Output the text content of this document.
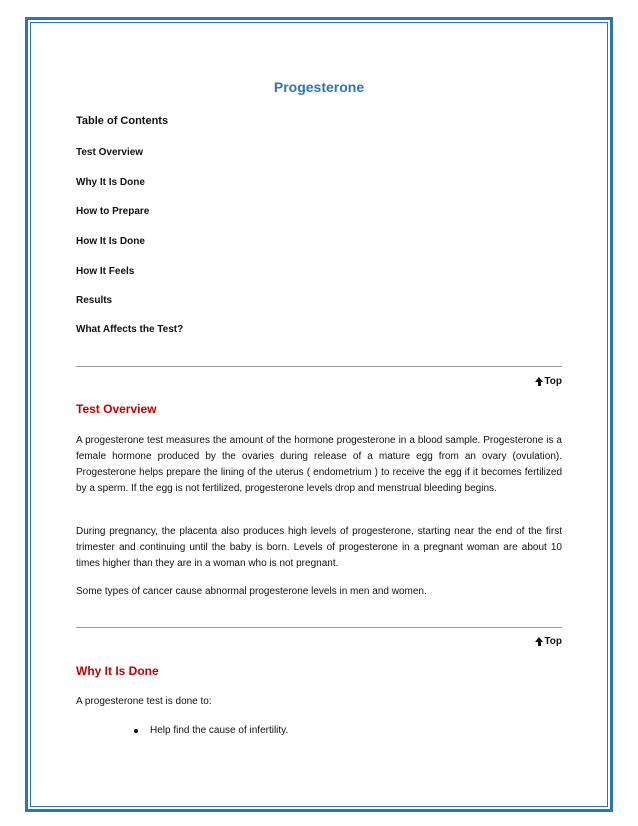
Progesterone

Table of Contents

Test Overview
Why It Is Done
How to Prepare
How It Is Done
How It Feels
Results
What Affects the Test?
Top
Test Overview

A progesterone test measures the amount of the hormone progesterone in a blood sample. Progesterone is a female hormone produced by the ovaries during release of a mature egg from an ovary (ovulation). Progesterone helps prepare the lining of the uterus ( endometrium ) to receive the egg if it becomes fertilized by a sperm. If the egg is not fertilized, progesterone levels drop and menstrual bleeding begins.

During pregnancy, the placenta also produces high levels of progesterone, starting near the end of the first trimester and continuing until the baby is born. Levels of progesterone in a pregnant woman are about 10 times higher than they are in a woman who is not pregnant.

Some types of cancer cause abnormal progesterone levels in men and women.

Top
Why It Is Done

A progesterone test is done to:

Help find the cause of infertility.
